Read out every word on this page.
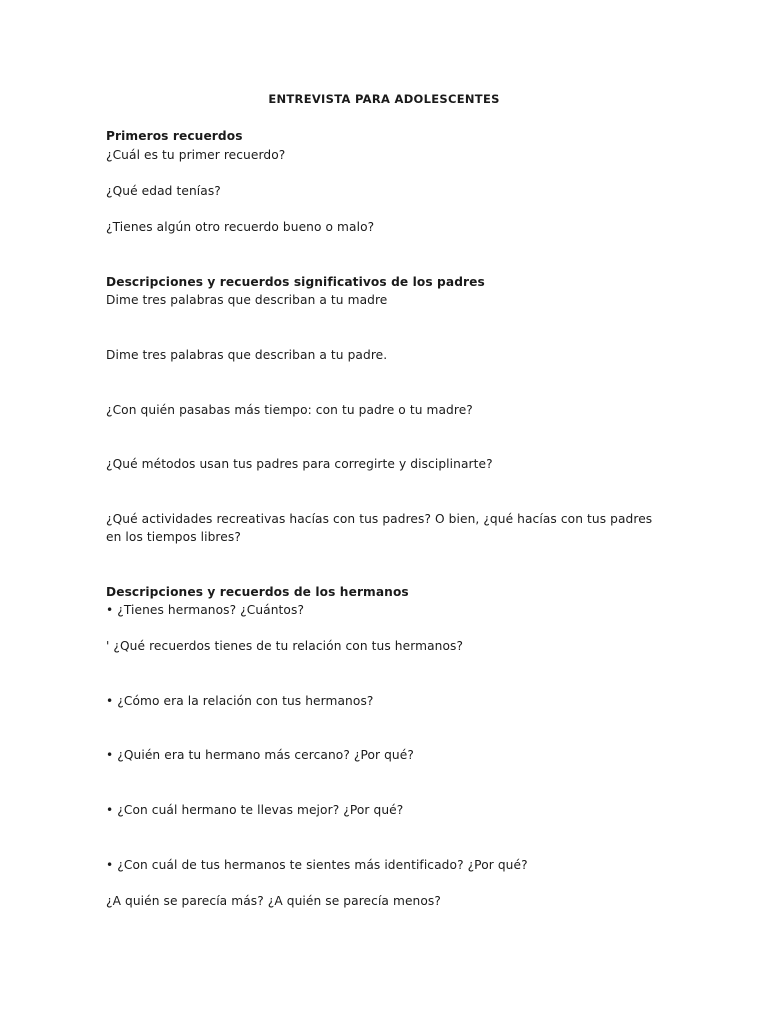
ENTREVISTA PARA ADOLESCENTES
Primeros recuerdos
¿Cuál es tu primer recuerdo?
¿Qué edad tenías?
¿Tienes algún otro recuerdo bueno o malo?
Descripciones y recuerdos significativos de los padres
Dime tres palabras que describan a tu madre
Dime tres palabras que describan a tu padre.
¿Con quién pasabas más tiempo: con tu padre o tu madre?
¿Qué métodos usan tus padres para corregirte y disciplinarte?
¿Qué actividades recreativas hacías con tus padres? O bien, ¿qué hacías con tus padres
en los tiempos libres?
Descripciones y recuerdos de los hermanos
• ¿Tienes hermanos? ¿Cuántos?
' ¿Qué recuerdos tienes de tu relación con tus hermanos?
• ¿Cómo era la relación con tus hermanos?
• ¿Quién era tu hermano más cercano? ¿Por qué?
• ¿Con cuál hermano te llevas mejor? ¿Por qué?
• ¿Con cuál de tus hermanos te sientes más identificado? ¿Por qué?
¿A quién se parecía más? ¿A quién se parecía menos?
